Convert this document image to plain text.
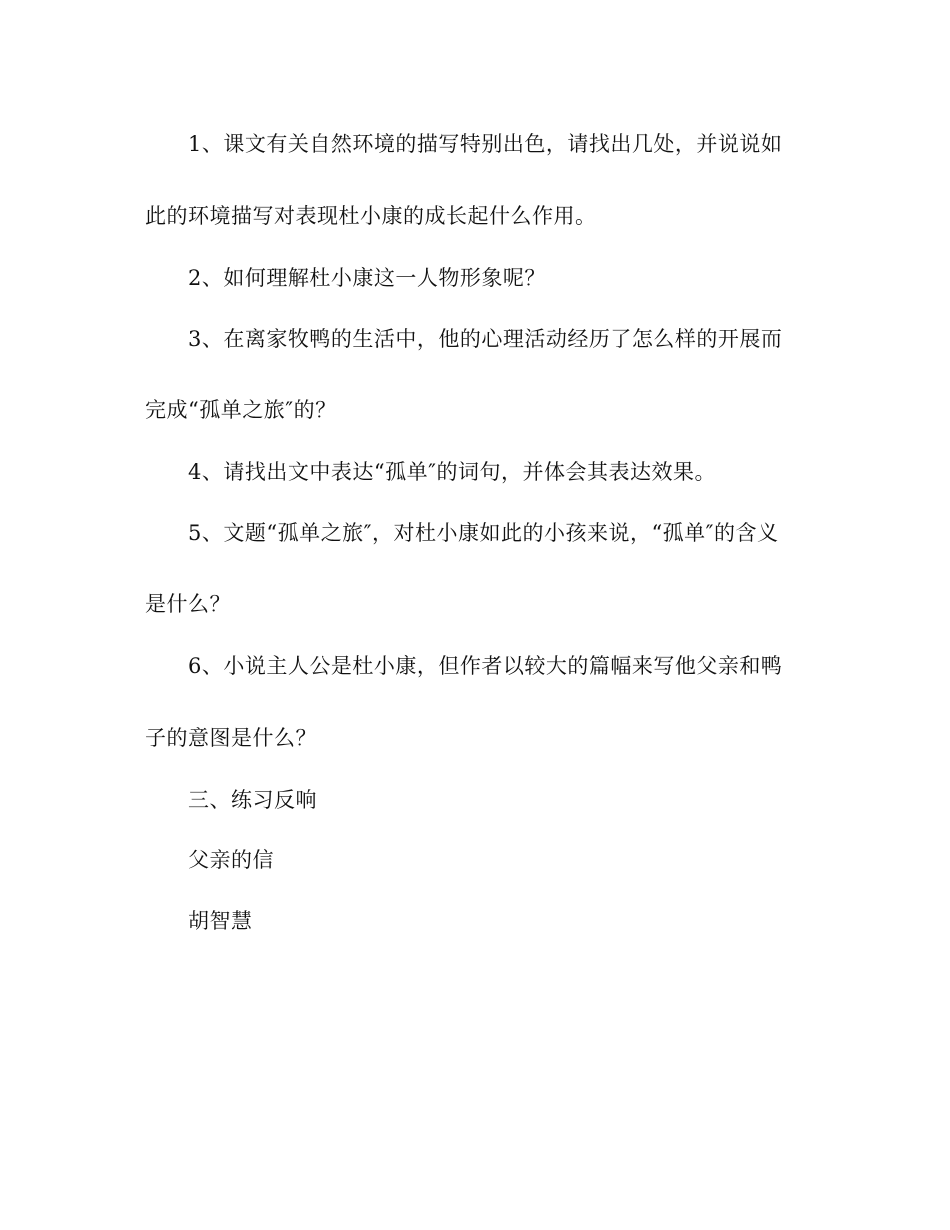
1、课文有关自然环境的描写特别出色，请找出几处，并说说如
此的环境描写对表现杜小康的成长起什么作用。
2、如何理解杜小康这一人物形象呢？
3、在离家牧鸭的生活中，他的心理活动经历了怎么样的开展而
完成“孤单之旅″的？
4、请找出文中表达“孤单″的词句，并体会其表达效果。
5、文题“孤单之旅″，对杜小康如此的小孩来说，“孤单″的含义
是什么？
6、小说主人公是杜小康，但作者以较大的篇幅来写他父亲和鸭
子的意图是什么？
三、练习反响
父亲的信
胡智慧
